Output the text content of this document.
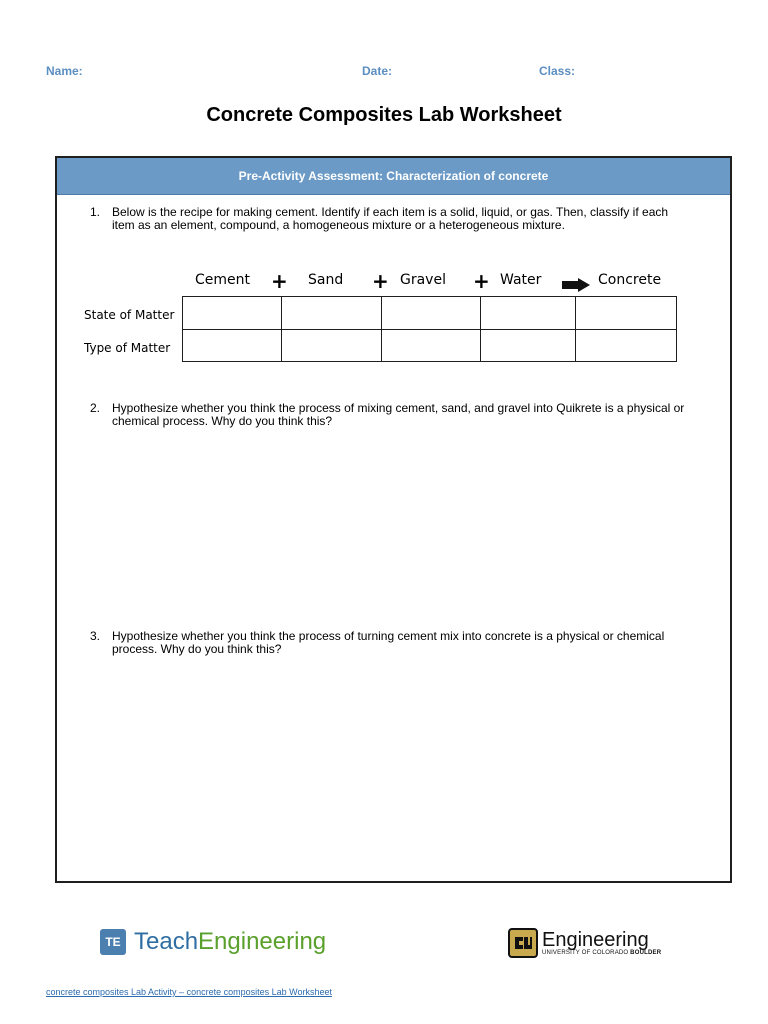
Name:	Date:	Class:
Concrete Composites Lab Worksheet
Pre-Activity Assessment: Characterization of concrete
1. Below is the recipe for making cement. Identify if each item is a solid, liquid, or gas. Then, classify if each item as an element, compound, a homogeneous mixture or a heterogeneous mixture.
Cement + Sand + Gravel + Water	Concrete
State of Matter
Type of Matter

2. Hypothesize whether you think the process of mixing cement, sand, and gravel into Quikrete is a physical or chemical process. Why do you think this?
3. Hypothesize whether you think the process of turning cement mix into concrete is a physical or chemical process. Why do you think this?
TE TeachEngineering	Engineering
UNIVERSITY OF COLORADO BOULDER
concrete composites Lab Activity – concrete composites Lab Worksheet
